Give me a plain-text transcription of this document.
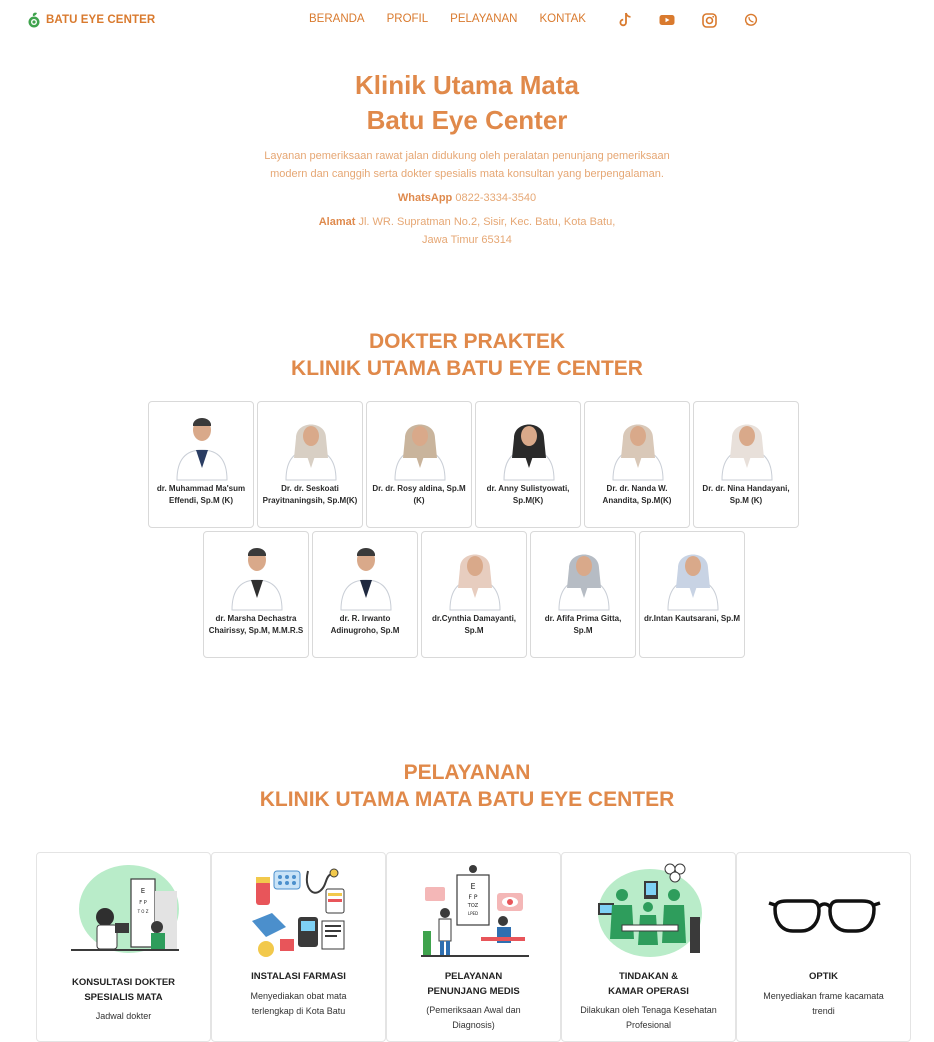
BATU EYE CENTER	BERANDA PROFIL PELAYANAN KONTAK
Klinik Utama Mata
Batu Eye Center
Layanan pemeriksaan rawat jalan didukung oleh peralatan penunjang pemeriksaan
modern dan canggih serta dokter spesialis mata konsultan yang berpengalaman.
WhatsApp 0822-3334-3540
Alamat Jl. WR. Supratman No.2, Sisir, Kec. Batu, Kota Batu,
Jawa Timur 65314
DOKTER PRAKTEK
KLINIK UTAMA BATU EYE CENTER
dr. Muhammad Ma'sum Effendi, Sp.M (K)
Dr. dr. Seskoati Prayitnaningsih, Sp.M(K)
Dr. dr. Rosy aldina, Sp.M (K)
dr. Anny Sulistyowati, Sp.M(K)
Dr. dr. Nanda W. Anandita, Sp.M(K)
Dr. dr. Nina Handayani, Sp.M (K)
dr. Marsha Dechastra Chairissy, Sp.M, M.M.R.S
dr. R. Irwanto Adinugroho, Sp.M
dr.Cynthia Damayanti, Sp.M
dr. Afifa Prima Gitta, Sp.M
dr.Intan Kautsarani, Sp.M
PELAYANAN
KLINIK UTAMA MATA BATU EYE CENTER
E
F P
T O Z
KONSULTASI DOKTER
SPESIALIS MATA
Jadwal dokter
INSTALASI FARMASI
Menyediakan obat mata
terlengkap di Kota Batu
E
F P
TOZ
LPED
PELAYANAN
PENUNJANG MEDIS
(Pemeriksaan Awal dan
Diagnosis)
TINDAKAN &
KAMAR OPERASI
Dilakukan oleh Tenaga Kesehatan
Profesional
OPTIK
Menyediakan frame kacamata
trendi
